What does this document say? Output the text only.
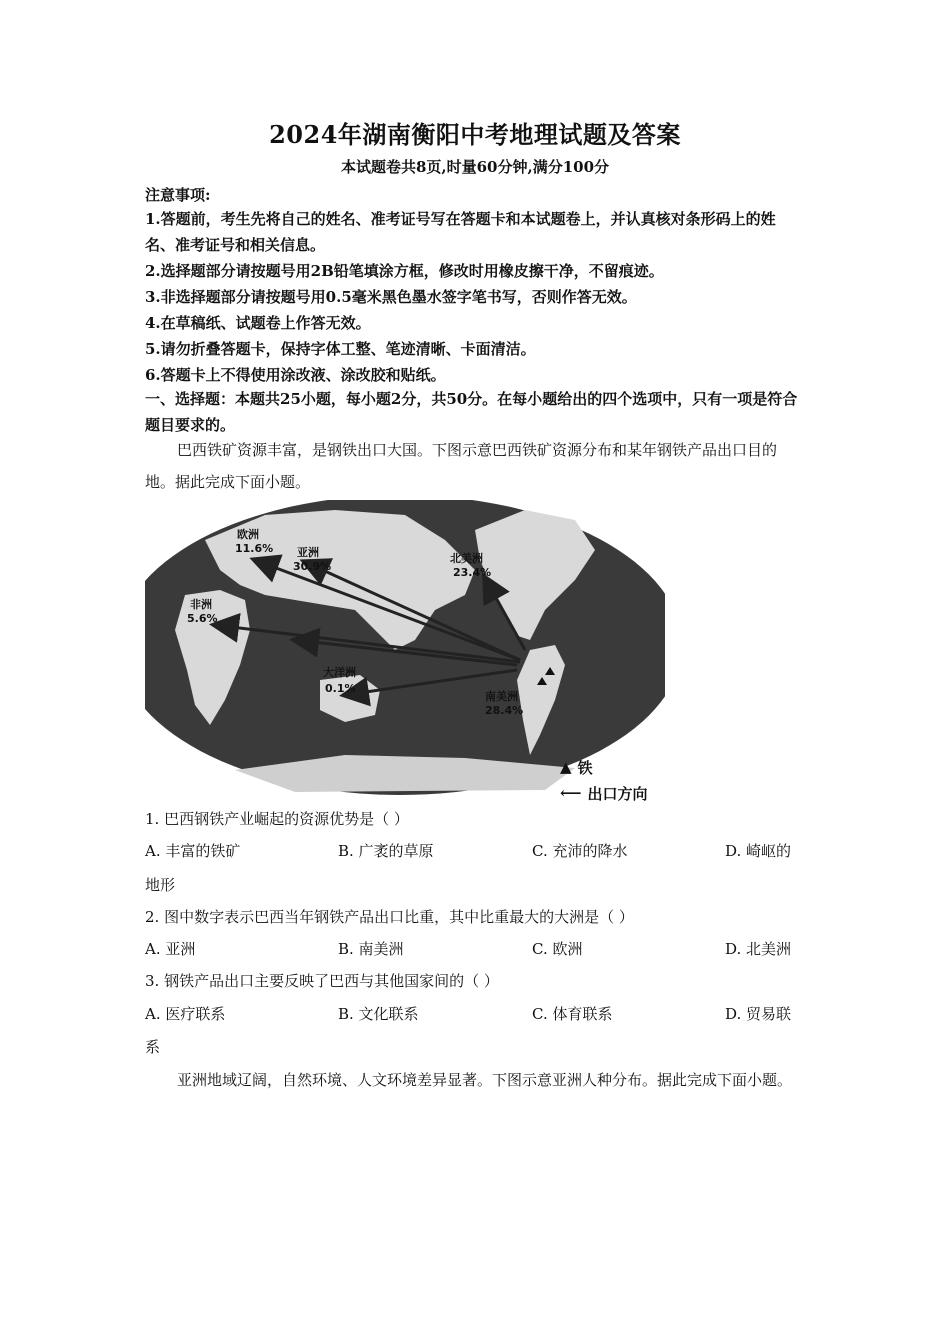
2024年湖南衡阳中考地理试题及答案
本试题卷共8页,时量60分钟,满分100分
注意事项:
1.答题前，考生先将自己的姓名、准考证号写在答题卡和本试题卷上，并认真核对条形码上的姓名、准考证号和相关信息。
2.选择题部分请按题号用2B铅笔填涂方框，修改时用橡皮擦干净，不留痕迹。
3.非选择题部分请按题号用0.5毫米黑色墨水签字笔书写，否则作答无效。
4.在草稿纸、试题卷上作答无效。
5.请勿折叠答题卡，保持字体工整、笔迹清晰、卡面清洁。
6.答题卡上不得使用涂改液、涂改胶和贴纸。
一、选择题：本题共25小题，每小题2分，共50分。在每小题给出的四个选项中，只有一项是符合题目要求的。
巴西铁矿资源丰富，是钢铁出口大国。下图示意巴西铁矿资源分布和某年钢铁产品出口目的地。据此完成下面小题。
欧洲
11.6% 亚洲
30.9%
北美洲
23.4%
非洲
5.6%
大洋洲
0.1%
南美洲
28.4%
▲ 铁
⟵ 出口方向
1. 巴西钢铁产业崛起的资源优势是（ ）
A. 丰富的铁矿	B. 广袤的草原	C. 充沛的降水	D. 崎岖的
地形
2. 图中数字表示巴西当年钢铁产品出口比重，其中比重最大的大洲是（ ）
A. 亚洲	B. 南美洲	C. 欧洲	D. 北美洲
3. 钢铁产品出口主要反映了巴西与其他国家间的（ ）
A. 医疗联系	B. 文化联系	C. 体育联系	D. 贸易联
系
亚洲地域辽阔，自然环境、人文环境差异显著。下图示意亚洲人种分布。据此完成下面小题。
